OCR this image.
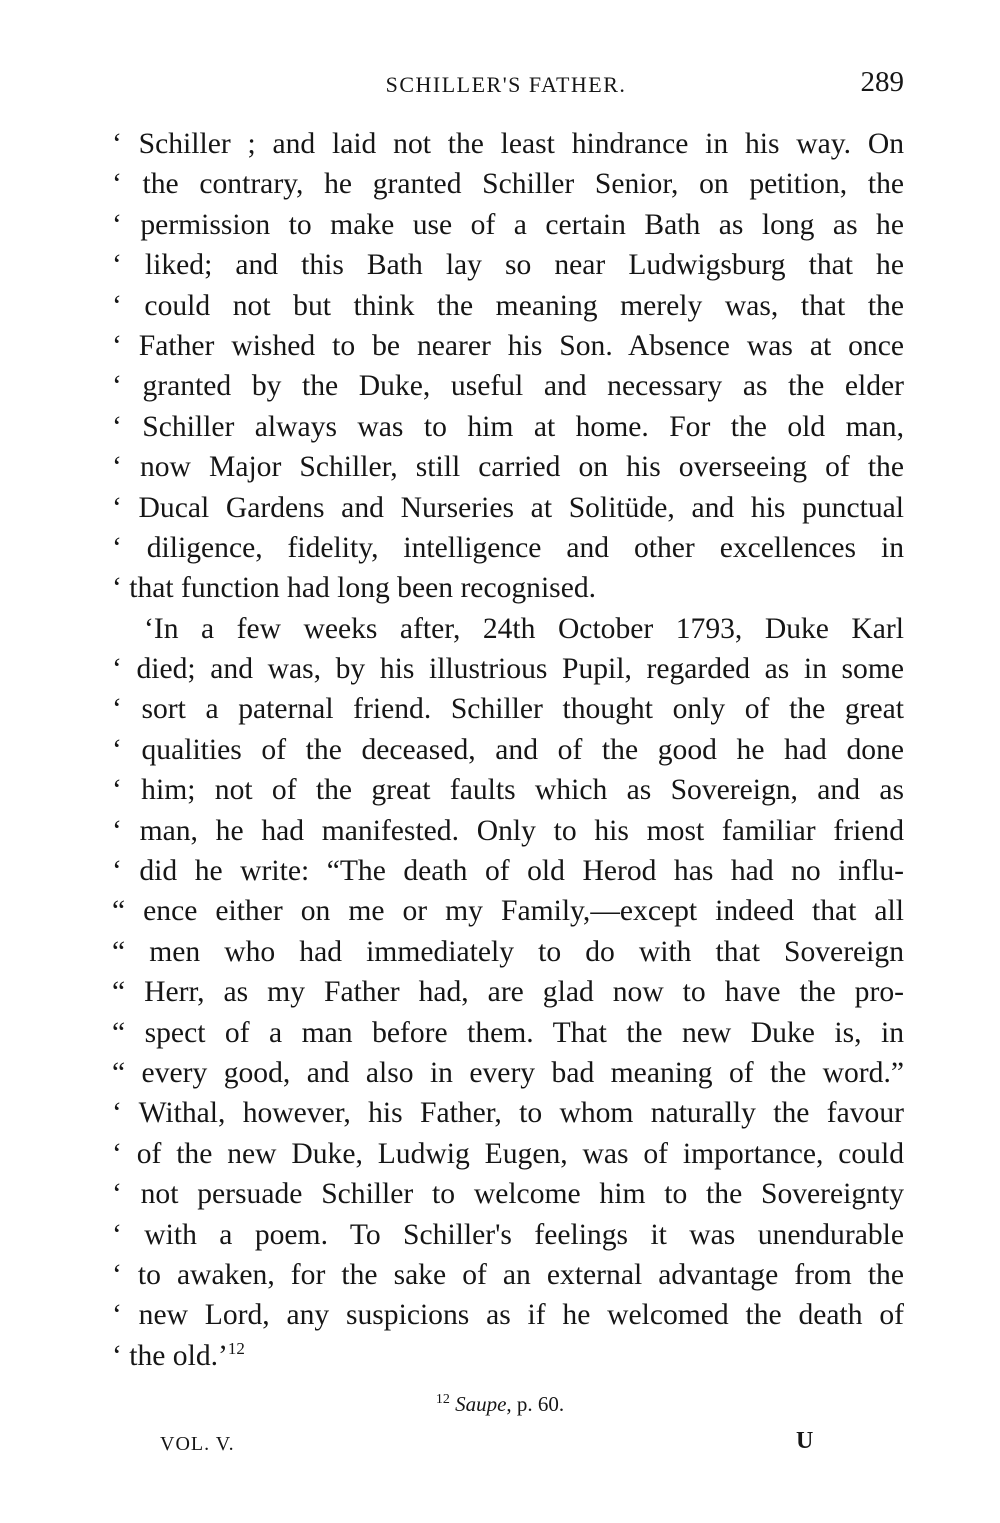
SCHILLER'S FATHER.	289
‘ Schiller ; and laid not the least hindrance in his way. On
‘ the contrary, he granted Schiller Senior, on petition, the
‘ permission to make use of a certain Bath as long as he
‘ liked; and this Bath lay so near Ludwigsburg that he
‘ could not but think the meaning merely was, that the
‘ Father wished to be nearer his Son. Absence was at once
‘ granted by the Duke, useful and necessary as the elder
‘ Schiller always was to him at home. For the old man,
‘ now Major Schiller, still carried on his overseeing of the
‘ Ducal Gardens and Nurseries at Solitüde, and his punctual
‘ diligence, fidelity, intelligence and other excellences in
‘ that function had long been recognised.
‘In a few weeks after, 24th October 1793, Duke Karl
‘ died; and was, by his illustrious Pupil, regarded as in some
‘ sort a paternal friend. Schiller thought only of the great
‘ qualities of the deceased, and of the good he had done
‘ him; not of the great faults which as Sovereign, and as
‘ man, he had manifested. Only to his most familiar friend
‘ did he write: “The death of old Herod has had no influ-
“ ence either on me or my Family,—except indeed that all
“ men who had immediately to do with that Sovereign
“ Herr, as my Father had, are glad now to have the pro-
“ spect of a man before them. That the new Duke is, in
“ every good, and also in every bad meaning of the word.”
‘ Withal, however, his Father, to whom naturally the favour
‘ of the new Duke, Ludwig Eugen, was of importance, could
‘ not persuade Schiller to welcome him to the Sovereignty
‘ with a poem. To Schiller's feelings it was unendurable
‘ to awaken, for the sake of an external advantage from the
‘ new Lord, any suspicions as if he welcomed the death of
‘ the old.’$^{12}$
$^{12}$ Saupe, p. 60.
VOL. V.	U
